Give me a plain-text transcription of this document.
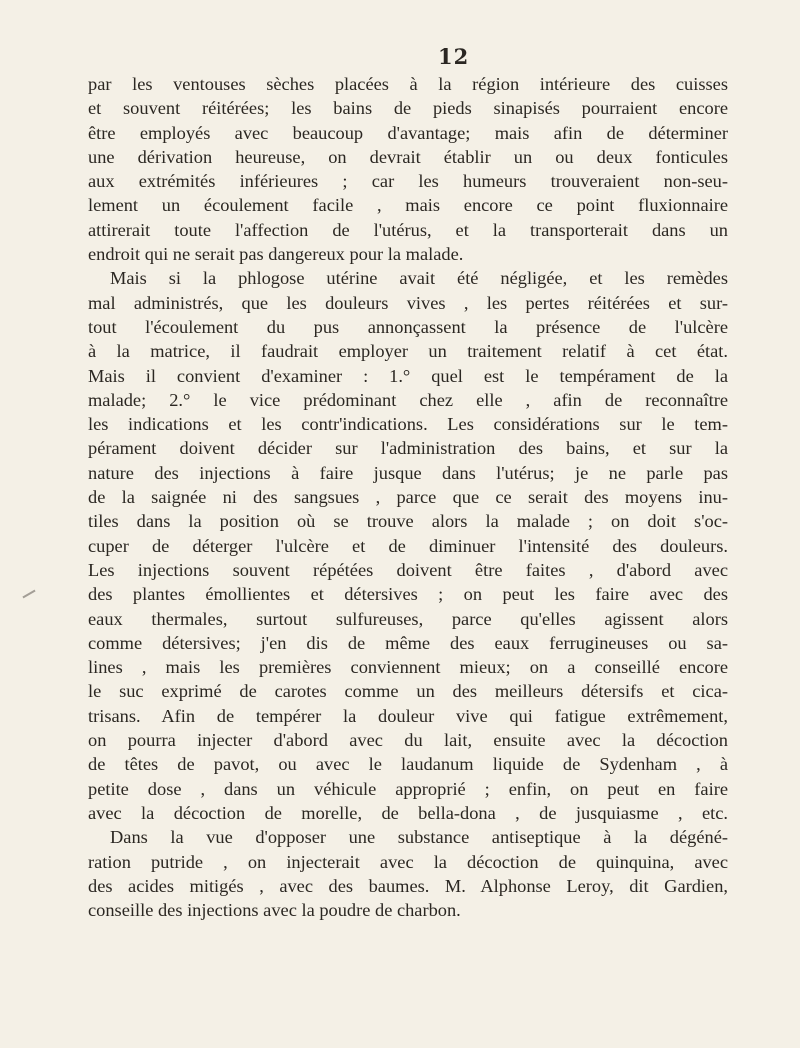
12
par les ventouses sèches placées à la région intérieure des cuisses
et souvent réitérées; les bains de pieds sinapisés pourraient encore
être employés avec beaucoup d'avantage; mais afin de déterminer
une dérivation heureuse, on devrait établir un ou deux fonticules
aux extrémités inférieures ; car les humeurs trouveraient non-seu-
lement un écoulement facile , mais encore ce point fluxionnaire
attirerait toute l'affection de l'utérus, et la transporterait dans un
endroit qui ne serait pas dangereux pour la malade.
Mais si la phlogose utérine avait été négligée, et les remèdes
mal administrés, que les douleurs vives , les pertes réitérées et sur-
tout l'écoulement du pus annonçassent la présence de l'ulcère
à la matrice, il faudrait employer un traitement relatif à cet état.
Mais il convient d'examiner : 1.° quel est le tempérament de la
malade; 2.° le vice prédominant chez elle , afin de reconnaître
les indications et les contr'indications. Les considérations sur le tem-
pérament doivent décider sur l'administration des bains, et sur la
nature des injections à faire jusque dans l'utérus; je ne parle pas
de la saignée ni des sangsues , parce que ce serait des moyens inu-
tiles dans la position où se trouve alors la malade ; on doit s'oc-
cuper de déterger l'ulcère et de diminuer l'intensité des douleurs.
Les injections souvent répétées doivent être faites , d'abord avec
des plantes émollientes et détersives ; on peut les faire avec des
eaux thermales, surtout sulfureuses, parce qu'elles agissent alors
comme détersives; j'en dis de même des eaux ferrugineuses ou sa-
lines , mais les premières conviennent mieux; on a conseillé encore
le suc exprimé de carotes comme un des meilleurs détersifs et cica-
trisans. Afin de tempérer la douleur vive qui fatigue extrêmement,
on pourra injecter d'abord avec du lait, ensuite avec la décoction
de têtes de pavot, ou avec le laudanum liquide de Sydenham , à
petite dose , dans un véhicule approprié ; enfin, on peut en faire
avec la décoction de morelle, de bella-dona , de jusquiasme , etc.
Dans la vue d'opposer une substance antiseptique à la dégéné-
ration putride , on injecterait avec la décoction de quinquina, avec
des acides mitigés , avec des baumes. M. Alphonse Leroy, dit Gardien,
conseille des injections avec la poudre de charbon.
